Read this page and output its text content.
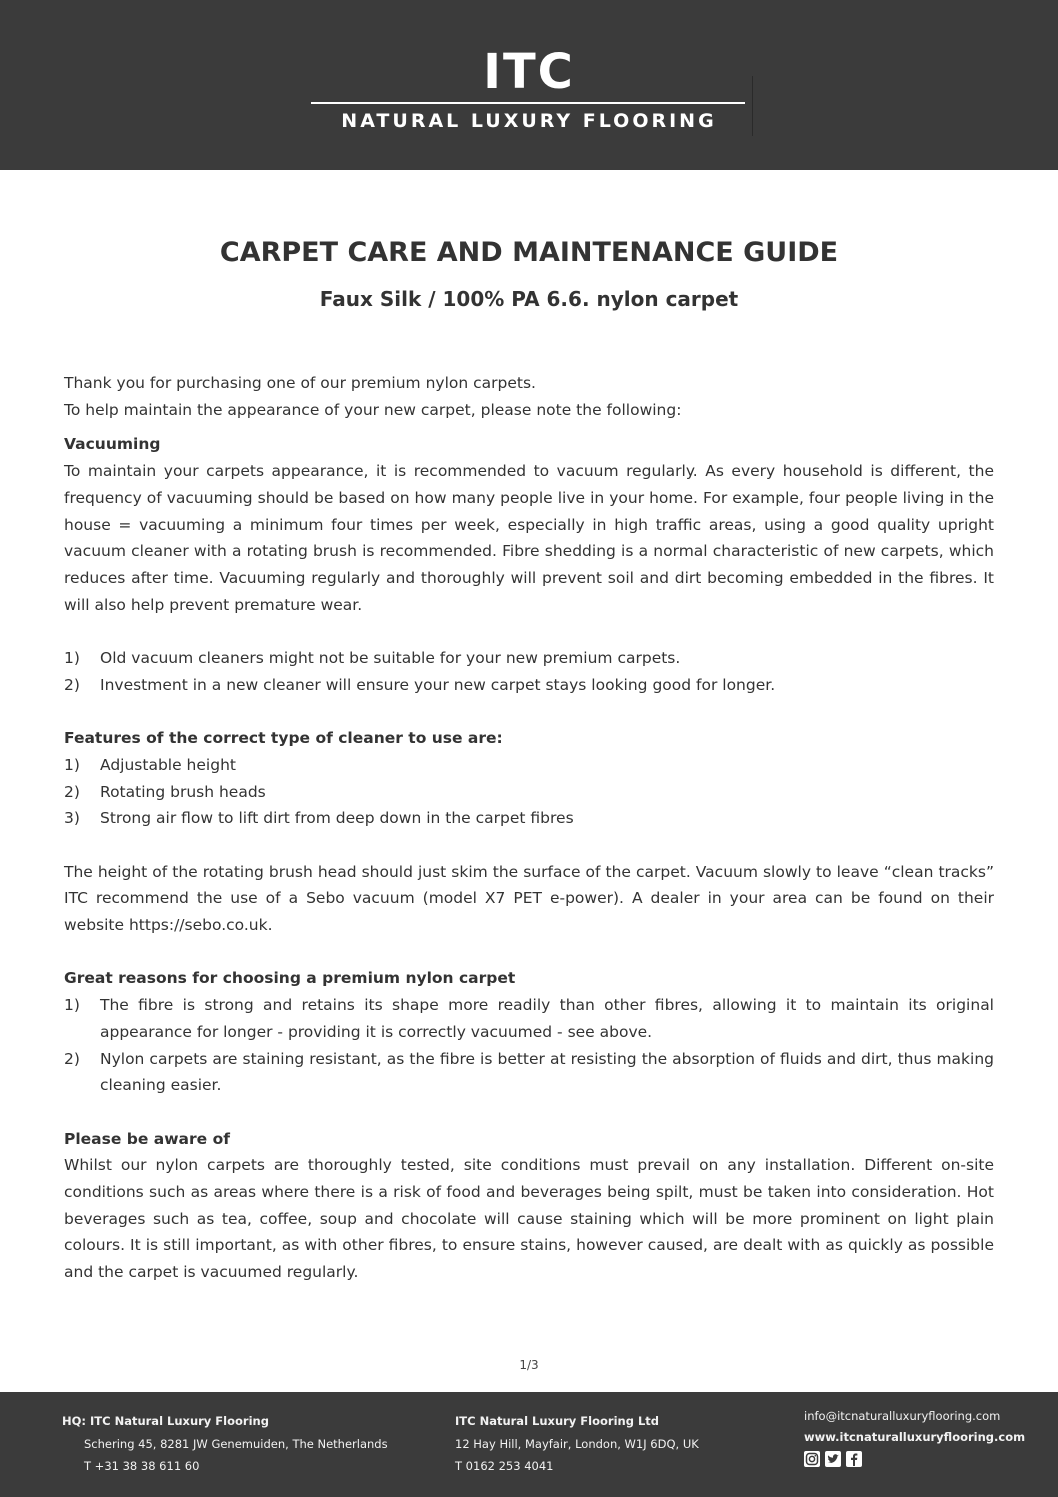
ITC
NATURAL LUXURY FLOORING
CARPET CARE AND MAINTENANCE GUIDE
Faux Silk / 100% PA 6.6. nylon carpet

Thank you for purchasing one of our premium nylon carpets.

To help maintain the appearance of your new carpet, please note the following:

Vacuuming

To maintain your carpets appearance, it is recommended to vacuum regularly. As every household is different, the frequency of vacuuming should be based on how many people live in your home. For example, four people living in the house = vacuuming a minimum four times per week, especially in high traffic areas, using a good quality upright vacuum cleaner with a rotating brush is recommended. Fibre shedding is a normal characteristic of new carpets, which reduces after time. Vacuuming regularly and thoroughly will prevent soil and dirt becoming embedded in the fibres. It will also help prevent premature wear.

1) Old vacuum cleaners might not be suitable for your new premium carpets.
2) Investment in a new cleaner will ensure your new carpet stays looking good for longer.

Features of the correct type of cleaner to use are:

1) Adjustable height
2) Rotating brush heads
3) Strong air flow to lift dirt from deep down in the carpet fibres

The height of the rotating brush head should just skim the surface of the carpet. Vacuum slowly to leave “clean tracks” ITC recommend the use of a Sebo vacuum (model X7 PET e-power). A dealer in your area can be found on their website https://sebo.co.uk.

Great reasons for choosing a premium nylon carpet

1) The fibre is strong and retains its shape more readily than other fibres, allowing it to maintain its original appearance for longer - providing it is correctly vacuumed - see above.
2) Nylon carpets are staining resistant, as the fibre is better at resisting the absorption of fluids and dirt, thus making cleaning easier.

Please be aware of

Whilst our nylon carpets are thoroughly tested, site conditions must prevail on any installation. Different on-site conditions such as areas where there is a risk of food and beverages being spilt, must be taken into consideration. Hot beverages such as tea, coffee, soup and chocolate will cause staining which will be more prominent on light plain colours. It is still important, as with other fibres, to ensure stains, however caused, are dealt with as quickly as possible and the carpet is vacuumed regularly.

1/3
HQ: ITC Natural Luxury Flooring
Schering 45, 8281 JW Genemuiden, The Netherlands
T +31 38 38 611 60
ITC Natural Luxury Flooring Ltd
12 Hay Hill, Mayfair, London, W1J 6DQ, UK
T 0162 253 4041
info@itcnaturalluxuryflooring.com
www.itcnaturalluxuryflooring.com
